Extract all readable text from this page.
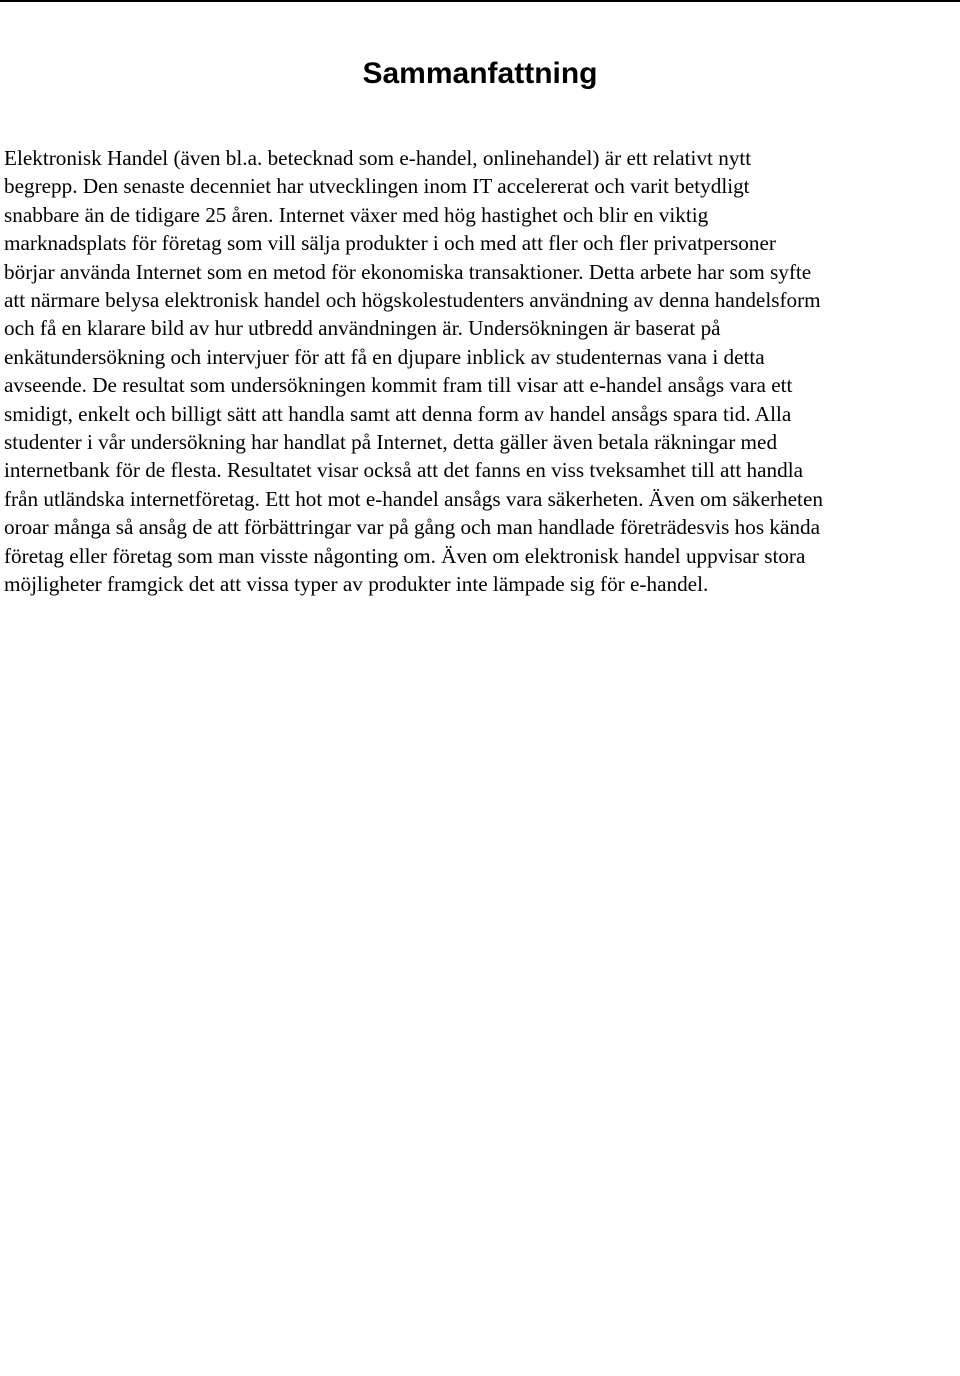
Sammanfattning

Elektronisk Handel (även bl.a. betecknad som e-handel, onlinehandel) är ett relativt nytt
begrepp. Den senaste decenniet har utvecklingen inom IT accelererat och varit betydligt
snabbare än de tidigare 25 åren. Internet växer med hög hastighet och blir en viktig
marknadsplats för företag som vill sälja produkter i och med att fler och fler privatpersoner
börjar använda Internet som en metod för ekonomiska transaktioner. Detta arbete har som syfte
att närmare belysa elektronisk handel och högskolestudenters användning av denna handelsform
och få en klarare bild av hur utbredd användningen är. Undersökningen är baserat på
enkätundersökning och intervjuer för att få en djupare inblick av studenternas vana i detta
avseende. De resultat som undersökningen kommit fram till visar att e-handel ansågs vara ett
smidigt, enkelt och billigt sätt att handla samt att denna form av handel ansågs spara tid. Alla
studenter i vår undersökning har handlat på Internet, detta gäller även betala räkningar med
internetbank för de flesta. Resultatet visar också att det fanns en viss tveksamhet till att handla
från utländska internetföretag. Ett hot mot e-handel ansågs vara säkerheten. Även om säkerheten
oroar många så ansåg de att förbättringar var på gång och man handlade företrädesvis hos kända
företag eller företag som man visste någonting om. Även om elektronisk handel uppvisar stora
möjligheter framgick det att vissa typer av produkter inte lämpade sig för e-handel.
